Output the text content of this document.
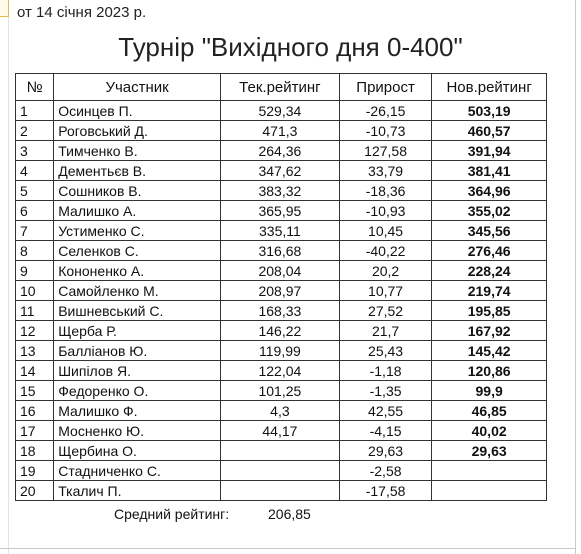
от 14 січня 2023 р.
Турнір "Вихідного дня 0-400"
№	Участник	Тек.рейтинг	Прирост	Нов.рейтинг
1	Осинцев П.	529,34	-26,15	503,19
2	Роговський Д.	471,3	-10,73	460,57
3	Тимченко В.	264,36	127,58	391,94
4	Дементьєв В.	347,62	33,79	381,41
5	Сошников В.	383,32	-18,36	364,96
6	Малишко А.	365,95	-10,93	355,02
7	Устименко С.	335,11	10,45	345,56
8	Селенков С.	316,68	-40,22	276,46
9	Кононенко А.	208,04	20,2	228,24
10	Самойленко М.	208,97	10,77	219,74
11	Вишневський С.	168,33	27,52	195,85
12	Щерба Р.	146,22	21,7	167,92
13	Баллiанов Ю.	119,99	25,43	145,42
14	Шипiлов Я.	122,04	-1,18	120,86
15	Федоренко О.	101,25	-1,35	99,9
16	Малишко Ф.	4,3	42,55	46,85
17	Мосненко Ю.	44,17	-4,15	40,02
18	Щербина О.		29,63	29,63
19	Стадниченко С.		-2,58	
20	Ткалич П.		-17,58	
Средний рейтинг:	206,85
